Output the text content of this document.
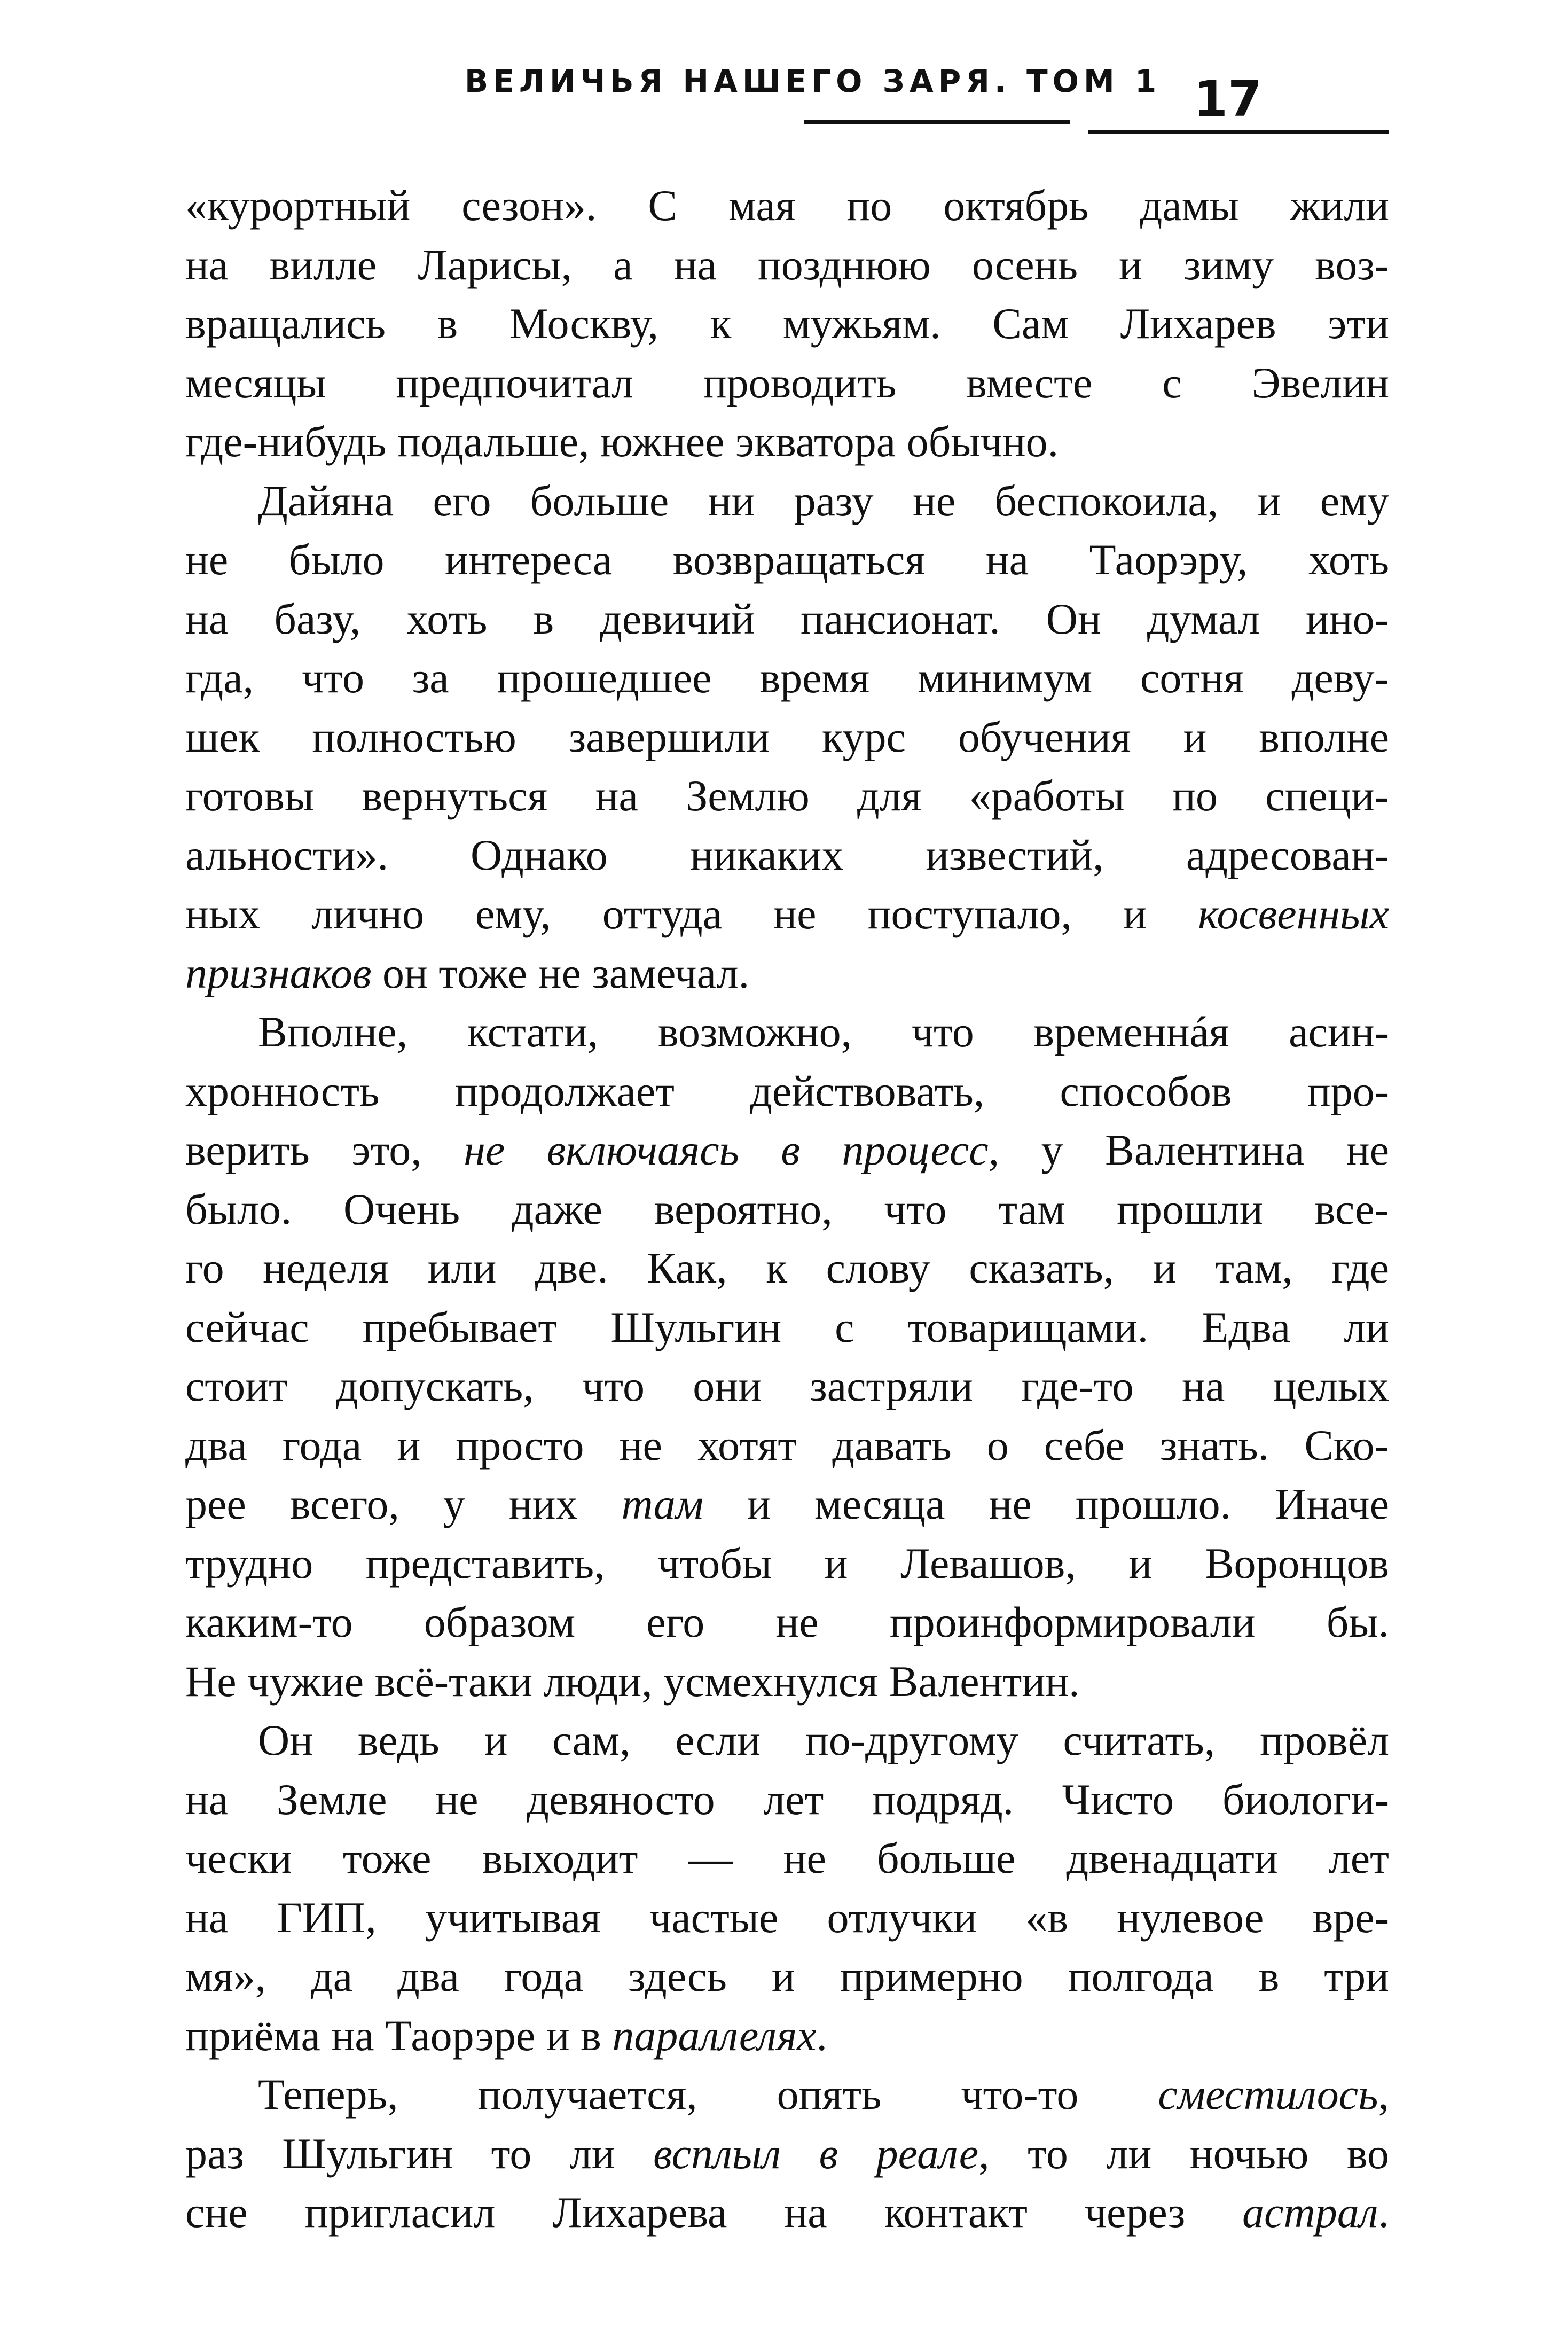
ВЕЛИЧЬЯ НАШЕГО ЗАРЯ. ТОМ 1 17
«курортный сезон». С мая по октябрь дамы жили
на вилле Ларисы, а на позднюю осень и зиму воз-
вращались в Москву, к мужьям. Сам Лихарев эти
месяцы предпочитал проводить вместе с Эвелин
где-нибудь подальше, южнее экватора обычно.
Дайяна его больше ни разу не беспокоила, и ему
не было интереса возвращаться на Таорэру, хоть
на базу, хоть в девичий пансионат. Он думал ино-
гда, что за прошедшее время минимум сотня деву-
шек полностью завершили курс обучения и вполне
готовы вернуться на Землю для «работы по специ-
альности». Однако никаких известий, адресован-
ных лично ему, оттуда не поступало, и косвенных
признаков он тоже не замечал.
Вполне, кстати, возможно, что временнáя асин-
хронность продолжает действовать, способов про-
верить это, не включаясь в процесс, у Валентина не
было. Очень даже вероятно, что там прошли все-
го неделя или две. Как, к слову сказать, и там, где
сейчас пребывает Шульгин с товарищами. Едва ли
стоит допускать, что они застряли где-то на целых
два года и просто не хотят давать о себе знать. Ско-
рее всего, у них там и месяца не прошло. Иначе
трудно представить, чтобы и Левашов, и Воронцов
каким-то образом его не проинформировали бы.
Не чужие всё-таки люди, усмехнулся Валентин.
Он ведь и сам, если по-другому считать, провёл
на Земле не девяносто лет подряд. Чисто биологи-
чески тоже выходит — не больше двенадцати лет
на ГИП, учитывая частые отлучки «в нулевое вре-
мя», да два года здесь и примерно полгода в три
приёма на Таорэре и в параллелях.
Теперь, получается, опять что-то сместилось,
раз Шульгин то ли всплыл в реале, то ли ночью во
сне пригласил Лихарева на контакт через астрал.
